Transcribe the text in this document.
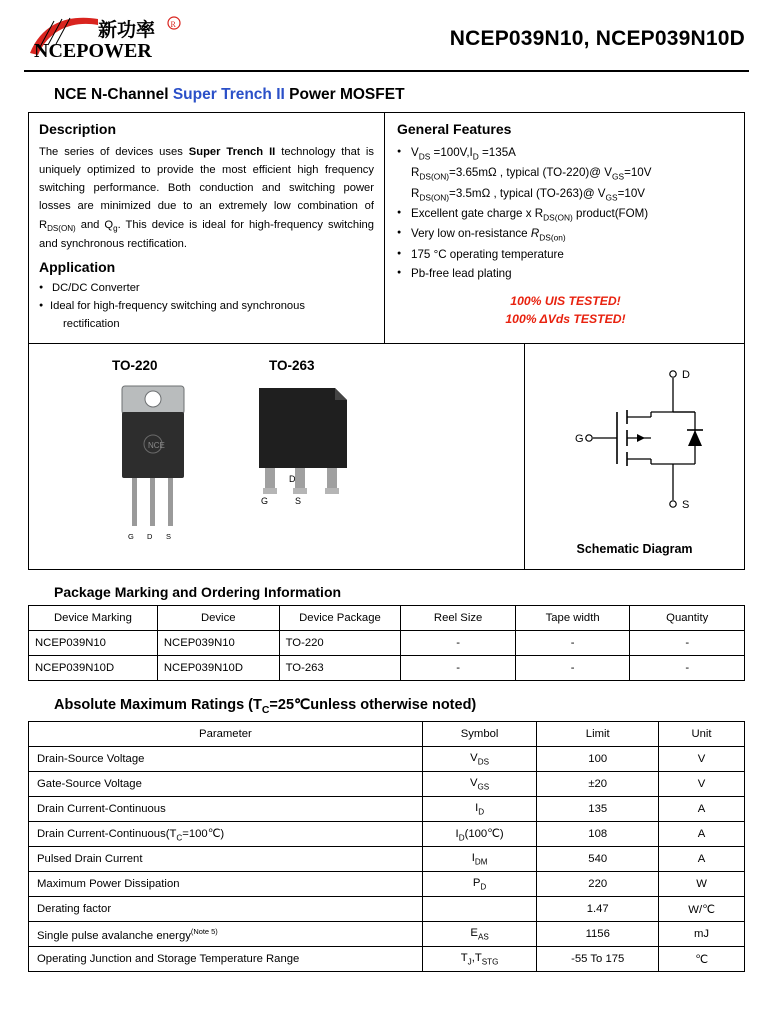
NCEPOWER
新功率 R
NCEP039N10, NCEP039N10D
NCE N-Channel Super Trench II Power MOSFET
Description
The series of devices uses Super Trench II technology that is uniquely optimized to provide the most efficient high frequency switching performance. Both conduction and switching power losses are minimized due to an extremely low combination of $R_{DS(ON)}$ and $Q_g$. This device is ideal for high-frequency switching and synchronous rectification.
Application
● DC/DC Converter
● Ideal for high-frequency switching and synchronous
rectification
General Features
● $V_{DS} =100V,I_D =135A$
$R_{DS(ON)}=3.65m\Omega$ , typical (TO-220)@ $V_{GS}=10V$
$R_{DS(ON)}=3.5m\Omega$ , typical (TO-263)@ $V_{GS}=10V$
● Excellent gate charge x $R_{DS(ON)}$ product(FOM)
● Very low on-resistance $R_{DS(on)}$
● 175 °C operating temperature
● Pb-free lead plating
100% UIS TESTED!
100% ΔVds TESTED!
TO-220	TO-263
NCE
G D S
D
G	S
D
S
G
Schematic Diagram
Package Marking and Ordering Information
Device Marking	Device	Device Package	Reel Size	Tape width	Quantity
NCEP039N10	NCEP039N10	TO-220	-	-	-
NCEP039N10D	NCEP039N10D	TO-263	-	-	-
Absolute Maximum Ratings ($T_C=25℃unless$ otherwise noted)
Parameter	Symbol	Limit	Unit
Drain-Source Voltage	$V_{DS}$	100	V
Gate-Source Voltage	$V_{GS}$	±20	V
Drain Current-Continuous	$I_D$	135	A
Drain Current-$Continuous(T_C=100℃)$	$I_D(100℃)$	108	A
Pulsed Drain Current	$I_{DM}$	540	A
Maximum Power Dissipation	$P_D$	220	W
Derating factor		1.47	W/℃
Single pulse avalanche energy$^{(Note 5)}$	$E_{AS}$	1156	mJ
Operating Junction and Storage Temperature Range	$T_J,T_{STG}$	-55 To 175	℃
